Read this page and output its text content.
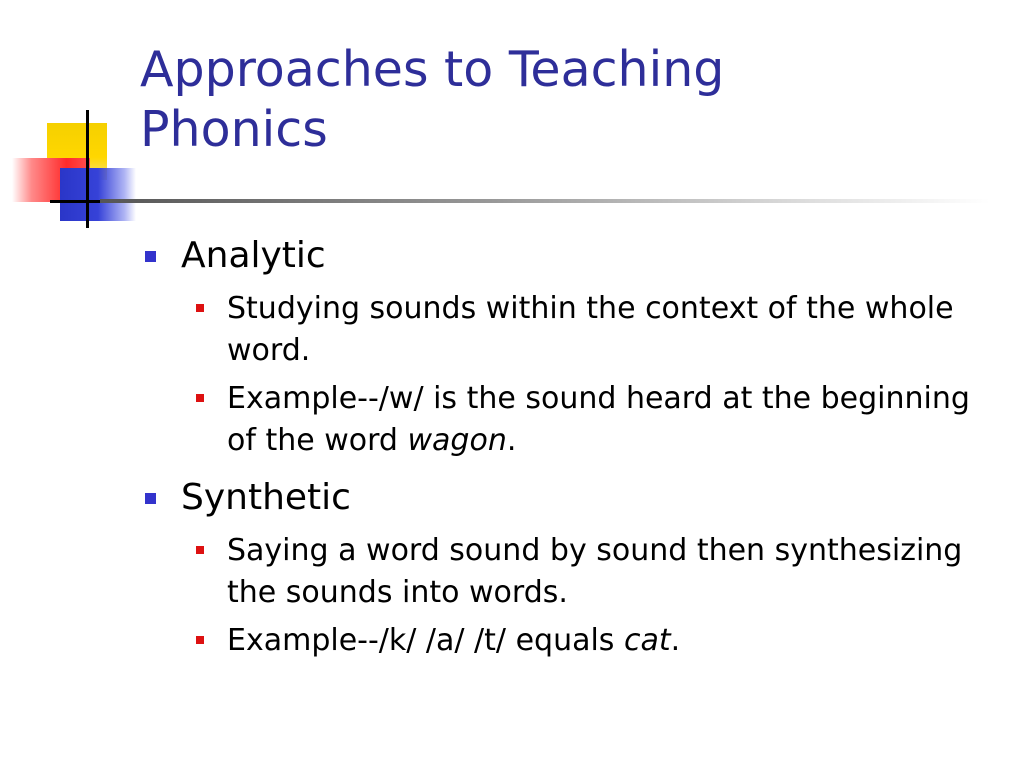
Approaches to Teaching
Phonics
Analytic
Studying sounds within the context of the whole word.
Example--/w/ is the sound heard at the beginning of the word wagon.
Synthetic
Saying a word sound by sound then synthesizing the sounds into words.
Example--/k/ /a/ /t/ equals cat.
